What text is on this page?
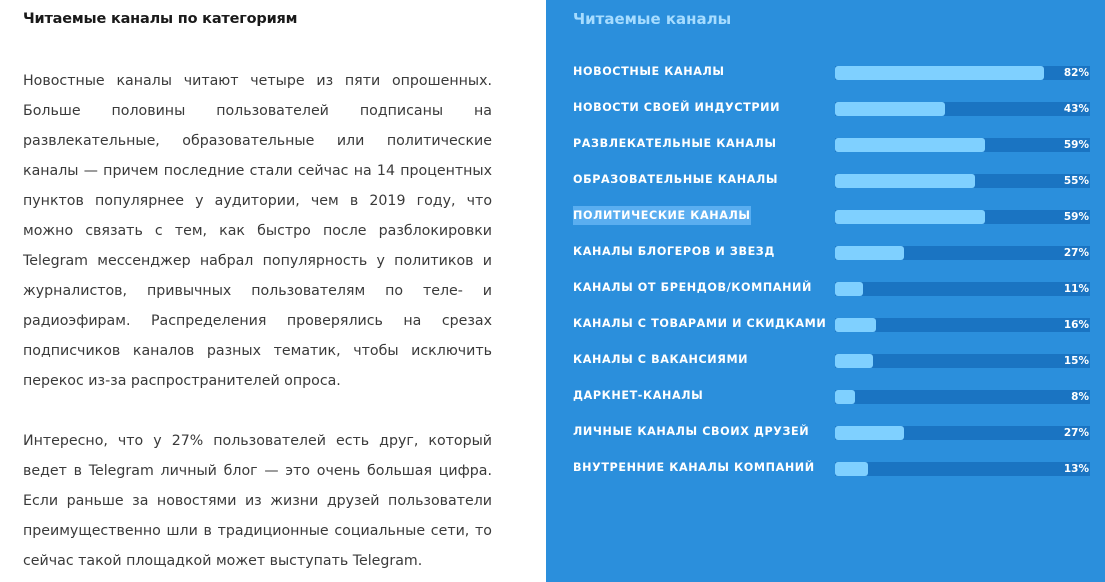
Читаемые каналы по категориям

Новостные каналы читают четыре из пяти опрошенных. Больше половины пользователей подписаны на развлекательные, образовательные или политические каналы — причем последние стали сейчас на 14 процентных пунктов популярнее у аудитории, чем в 2019 году, что можно связать с тем, как быстро после разблокировки Telegram мессенджер набрал популярность у политиков и журналистов, привычных пользователям по теле- и радиоэфирам. Распределения проверялись на срезах подписчиков каналов разных тематик, чтобы исключить перекос из-за распространителей опроса.

Интересно, что у 27% пользователей есть друг, который ведет в Telegram личный блог — это очень большая цифра. Если раньше за новостями из жизни друзей пользователи преимущественно шли в традиционные социальные сети, то сейчас такой площадкой может выступать Telegram.

Читаемые каналы
НОВОСТНЫЕ КАНАЛЫ	82%
НОВОСТИ СВОЕЙ ИНДУСТРИИ	43%
РАЗВЛЕКАТЕЛЬНЫЕ КАНАЛЫ	59%
ОБРАЗОВАТЕЛЬНЫЕ КАНАЛЫ	55%
ПОЛИТИЧЕСКИЕ КАНАЛЫ	59%
КАНАЛЫ БЛОГЕРОВ И ЗВЕЗД	27%
КАНАЛЫ ОТ БРЕНДОВ/КОМПАНИЙ	11%
КАНАЛЫ С ТОВАРАМИ И СКИДКАМИ	16%
КАНАЛЫ С ВАКАНСИЯМИ	15%
ДАРКНЕТ-КАНАЛЫ	8%
ЛИЧНЫЕ КАНАЛЫ СВОИХ ДРУЗЕЙ	27%
ВНУТРЕННИЕ КАНАЛЫ КОМПАНИЙ	13%
